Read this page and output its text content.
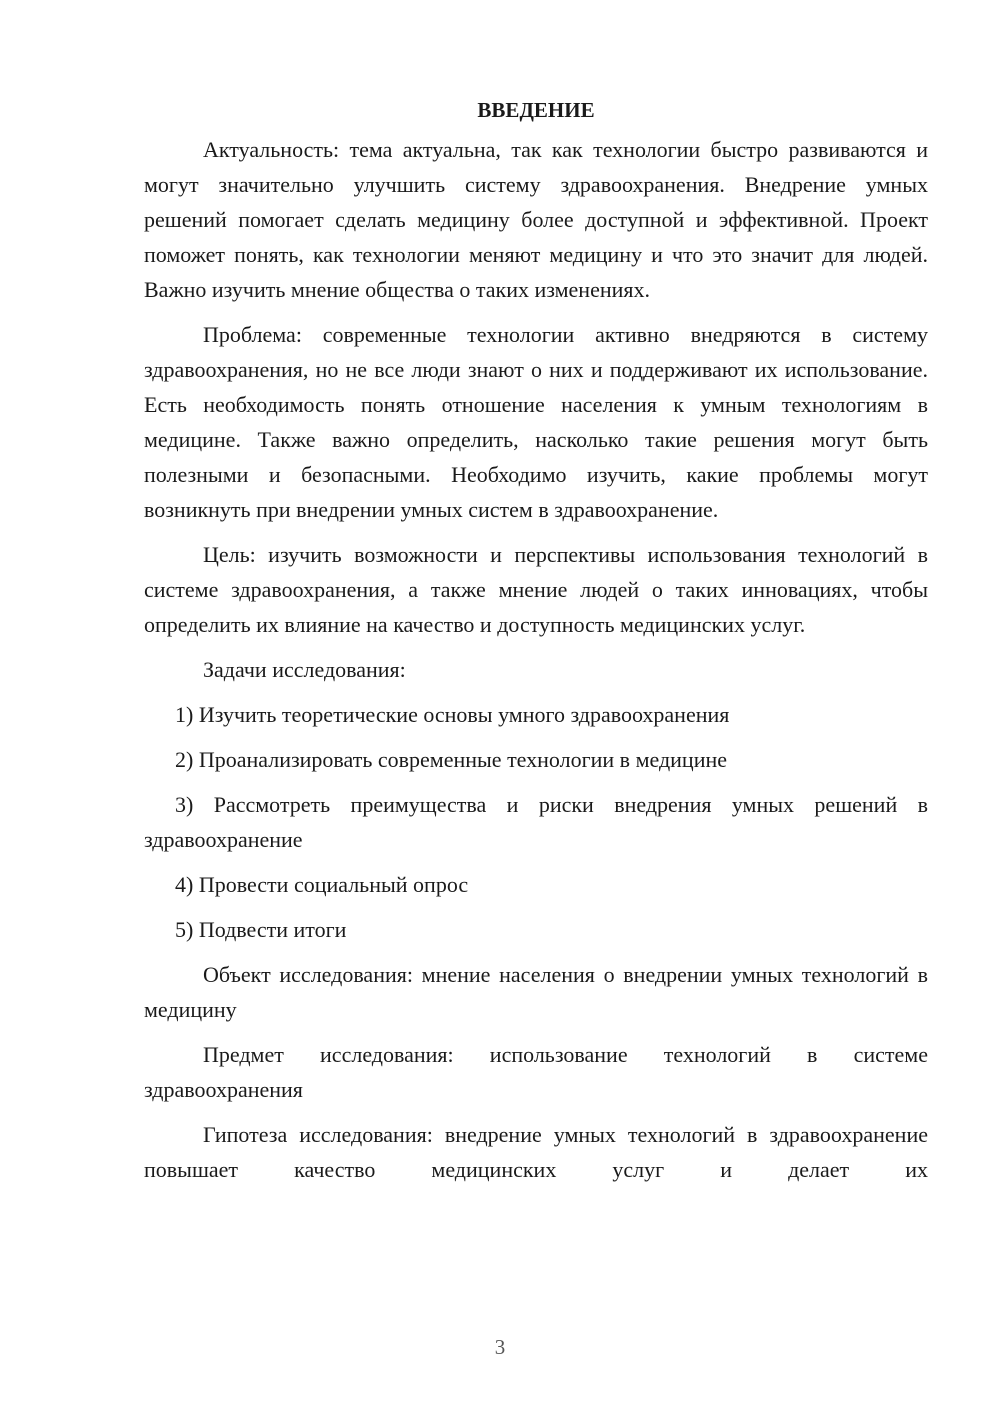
ВВЕДЕНИЕ

Актуальность: тема актуальна, так как технологии быстро развиваются и могут значительно улучшить систему здравоохранения. Внедрение умных решений помогает сделать медицину более доступной и эффективной. Проект поможет понять, как технологии меняют медицину и что это значит для людей. Важно изучить мнение общества о таких изменениях.

Проблема: современные технологии активно внедряются в систему здравоохранения, но не все люди знают о них и поддерживают их использование. Есть необходимость понять отношение населения к умным технологиям в медицине. Также важно определить, насколько такие решения могут быть полезными и безопасными. Необходимо изучить, какие проблемы могут возникнуть при внедрении умных систем в здравоохранение.

Цель: изучить возможности и перспективы использования технологий в системе здравоохранения, а также мнение людей о таких инновациях, чтобы определить их влияние на качество и доступность медицинских услуг.

Задачи исследования:

1) Изучить теоретические основы умного здравоохранения

2) Проанализировать современные технологии в медицине

3) Рассмотреть преимущества и риски внедрения умных решений в здравоохранение

4) Провести социальный опрос

5) Подвести итоги

Объект исследования: мнение населения о внедрении умных технологий в медицину

Предмет исследования: использование технологий в системе здравоохранения

Гипотеза исследования: внедрение умных технологий в здравоохранение повышает качество медицинских услуг и делает их

3
